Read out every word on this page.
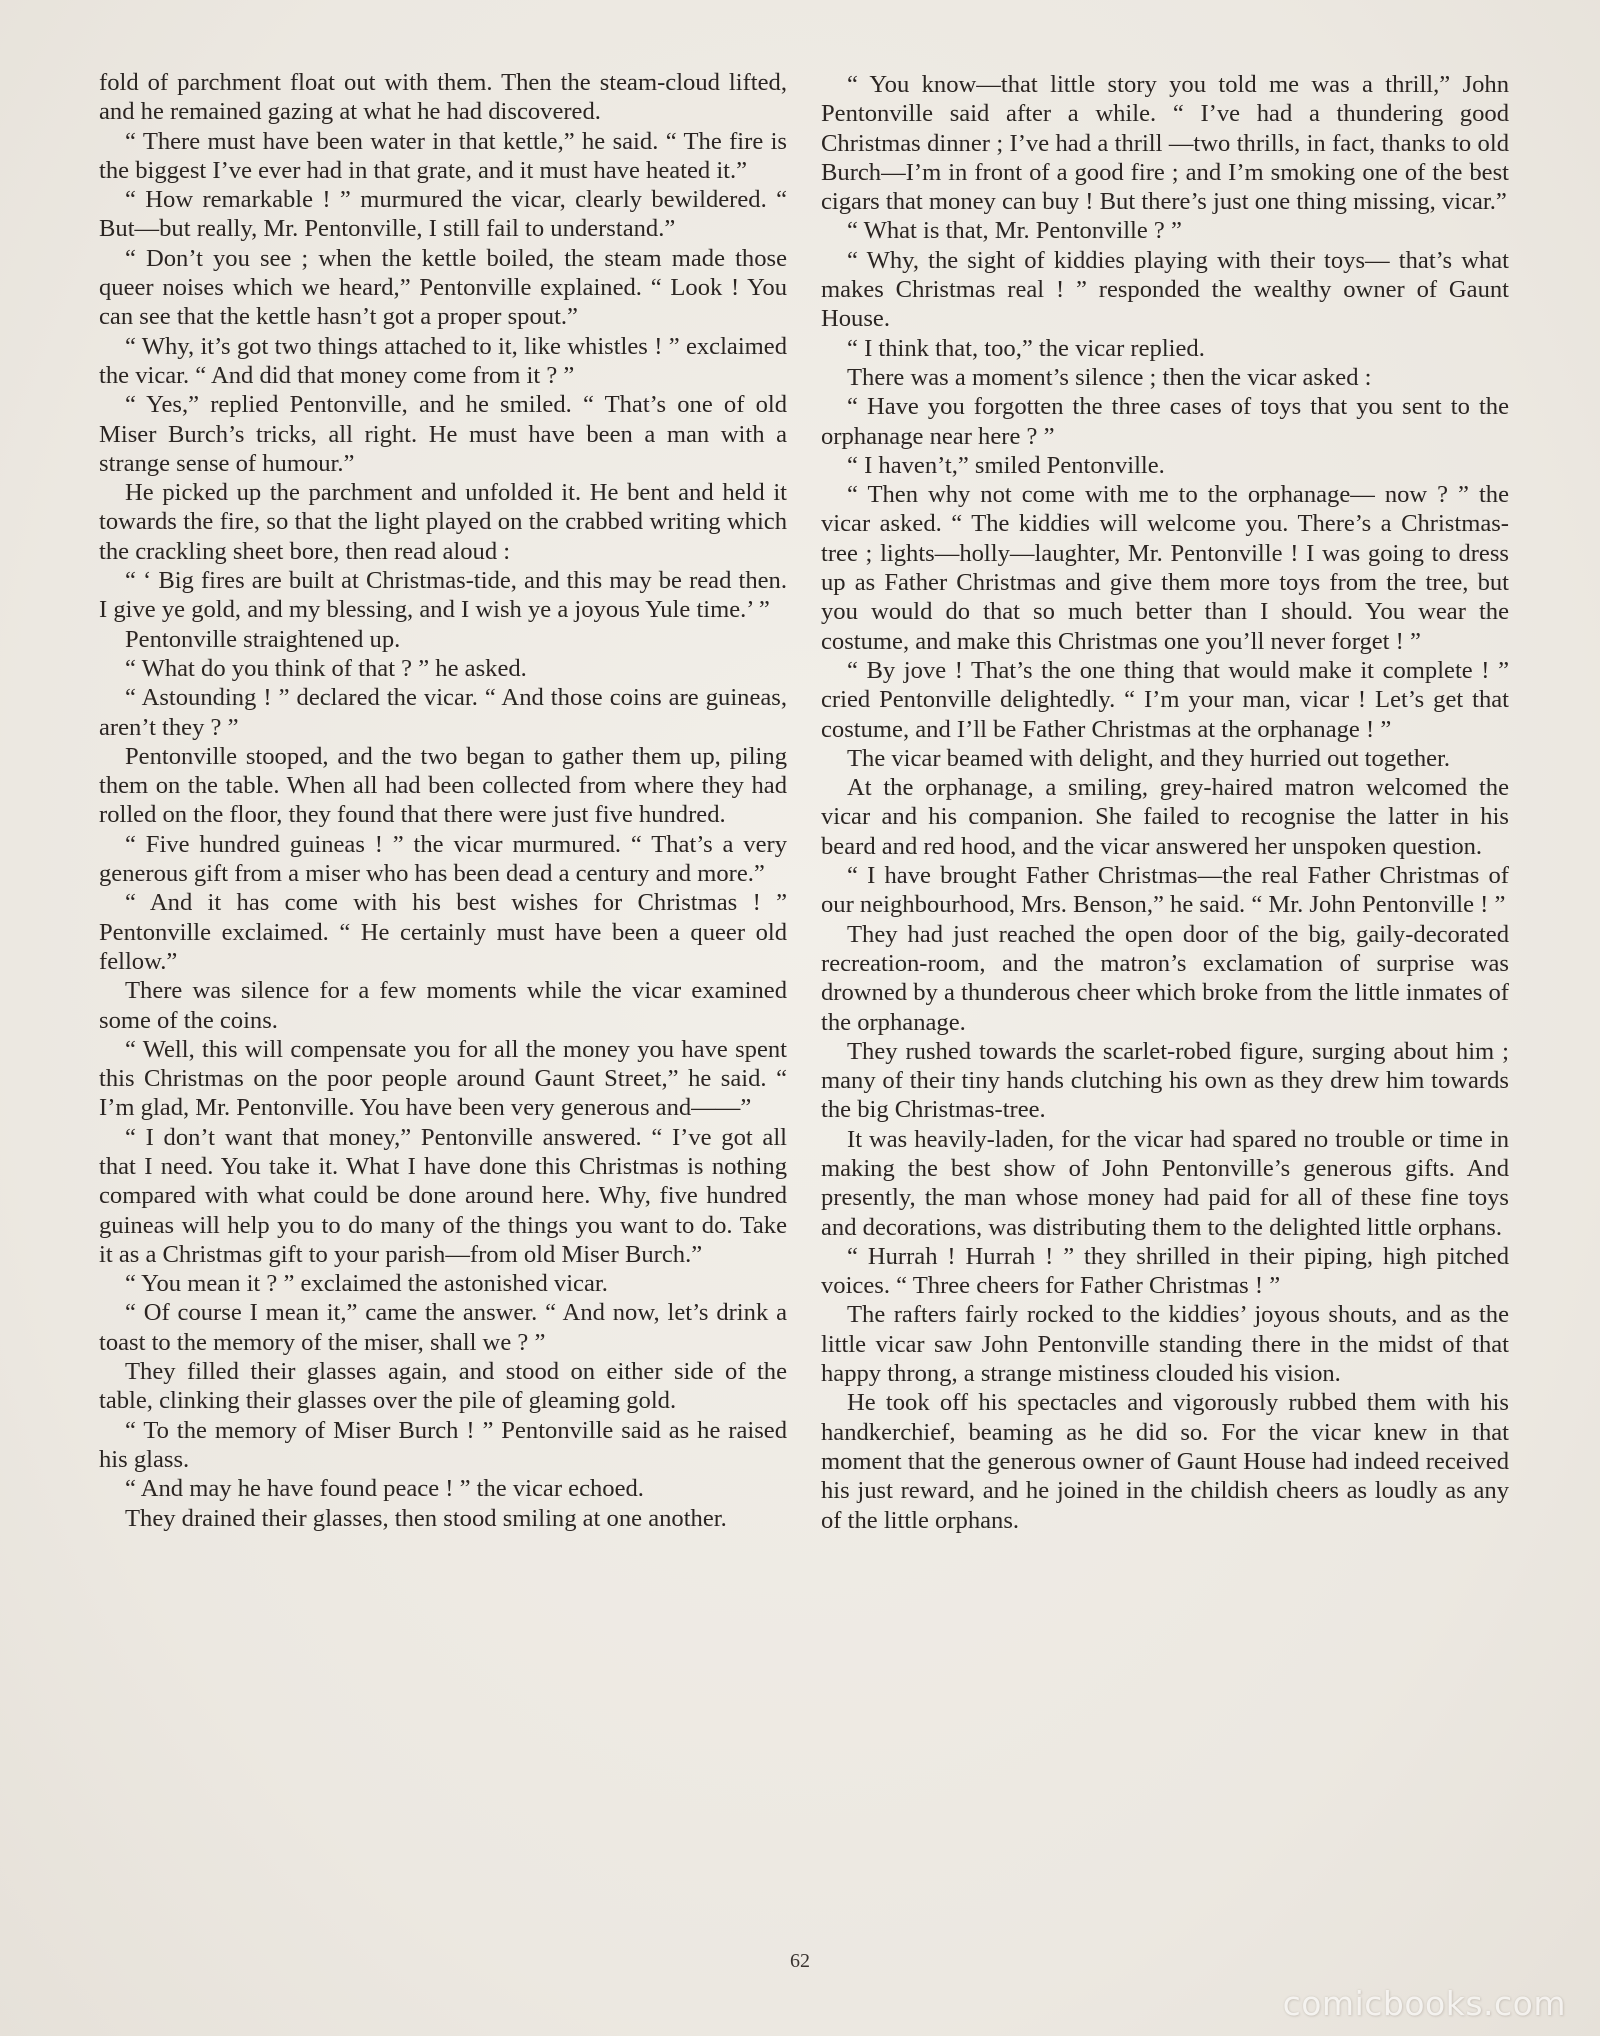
fold of parchment float out with them. Then the steam-cloud lifted, and he remained gazing at what he had discovered.

“ There must have been water in that kettle,” he said. “ The fire is the biggest I’ve ever had in that grate, and it must have heated it.”

“ How remarkable ! ” murmured the vicar, clearly bewildered. “ But—but really, Mr. Pentonville, I still fail to understand.”

“ Don’t you see ; when the kettle boiled, the steam made those queer noises which we heard,” Pentonville explained. “ Look ! You can see that the kettle hasn’t got a proper spout.”

“ Why, it’s got two things attached to it, like whistles ! ” exclaimed the vicar. “ And did that money come from it ? ”

“ Yes,” replied Pentonville, and he smiled. “ That’s one of old Miser Burch’s tricks, all right. He must have been a man with a strange sense of humour.”

He picked up the parchment and unfolded it. He bent and held it towards the fire, so that the light played on the crabbed writing which the crackling sheet bore, then read aloud :

“ ‘ Big fires are built at Christmas-tide, and this may be read then. I give ye gold, and my blessing, and I wish ye a joyous Yule time.’ ”

Pentonville straightened up.

“ What do you think of that ? ” he asked.

“ Astounding ! ” declared the vicar. “ And those coins are guineas, aren’t they ? ”

Pentonville stooped, and the two began to gather them up, piling them on the table. When all had been collected from where they had rolled on the floor, they found that there were just five hundred.

“ Five hundred guineas ! ” the vicar murmured. “ That’s a very generous gift from a miser who has been dead a century and more.”

“ And it has come with his best wishes for Christmas ! ” Pentonville exclaimed. “ He certainly must have been a queer old fellow.”

There was silence for a few moments while the vicar examined some of the coins.

“ Well, this will compensate you for all the money you have spent this Christmas on the poor people around Gaunt Street,” he said. “ I’m glad, Mr. Pentonville. You have been very generous and——”

“ I don’t want that money,” Pentonville answered. “ I’ve got all that I need. You take it. What I have done this Christmas is nothing compared with what could be done around here. Why, five hundred guineas will help you to do many of the things you want to do. Take it as a Christmas gift to your parish—from old Miser Burch.”

“ You mean it ? ” exclaimed the astonished vicar.

“ Of course I mean it,” came the answer. “ And now, let’s drink a toast to the memory of the miser, shall we ? ”

They filled their glasses again, and stood on either side of the table, clinking their glasses over the pile of gleaming gold.

“ To the memory of Miser Burch ! ” Pentonville said as he raised his glass.

“ And may he have found peace ! ” the vicar echoed.

They drained their glasses, then stood smiling at one another.

“ You know—that little story you told me was a thrill,” John Pentonville said after a while. “ I’ve had a thundering good Christmas dinner ; I’ve had a thrill —two thrills, in fact, thanks to old Burch—I’m in front of a good fire ; and I’m smoking one of the best cigars that money can buy ! But there’s just one thing missing, vicar.”

“ What is that, Mr. Pentonville ? ”

“ Why, the sight of kiddies playing with their toys— that’s what makes Christmas real ! ” responded the wealthy owner of Gaunt House.

“ I think that, too,” the vicar replied.

There was a moment’s silence ; then the vicar asked :

“ Have you forgotten the three cases of toys that you sent to the orphanage near here ? ”

“ I haven’t,” smiled Pentonville.

“ Then why not come with me to the orphanage— now ? ” the vicar asked. “ The kiddies will welcome you. There’s a Christmas-tree ; lights—holly—laughter, Mr. Pentonville ! I was going to dress up as Father Christmas and give them more toys from the tree, but you would do that so much better than I should. You wear the costume, and make this Christmas one you’ll never forget ! ”

“ By jove ! That’s the one thing that would make it complete ! ” cried Pentonville delightedly. “ I’m your man, vicar ! Let’s get that costume, and I’ll be Father Christmas at the orphanage ! ”

The vicar beamed with delight, and they hurried out together.

At the orphanage, a smiling, grey-haired matron welcomed the vicar and his companion. She failed to recognise the latter in his beard and red hood, and the vicar answered her unspoken question.

“ I have brought Father Christmas—the real Father Christmas of our neighbourhood, Mrs. Benson,” he said. “ Mr. John Pentonville ! ”

They had just reached the open door of the big, gaily-decorated recreation-room, and the matron’s exclamation of surprise was drowned by a thunderous cheer which broke from the little inmates of the orphanage.

They rushed towards the scarlet-robed figure, surging about him ; many of their tiny hands clutching his own as they drew him towards the big Christmas-tree.

It was heavily-laden, for the vicar had spared no trouble or time in making the best show of John Pentonville’s generous gifts. And presently, the man whose money had paid for all of these fine toys and decorations, was distributing them to the delighted little orphans.

“ Hurrah ! Hurrah ! ” they shrilled in their piping, high pitched voices. “ Three cheers for Father Christmas ! ”

The rafters fairly rocked to the kiddies’ joyous shouts, and as the little vicar saw John Pentonville standing there in the midst of that happy throng, a strange mistiness clouded his vision.

He took off his spectacles and vigorously rubbed them with his handkerchief, beaming as he did so. For the vicar knew in that moment that the generous owner of Gaunt House had indeed received his just reward, and he joined in the childish cheers as loudly as any of the little orphans.

62
comicbooks.com
